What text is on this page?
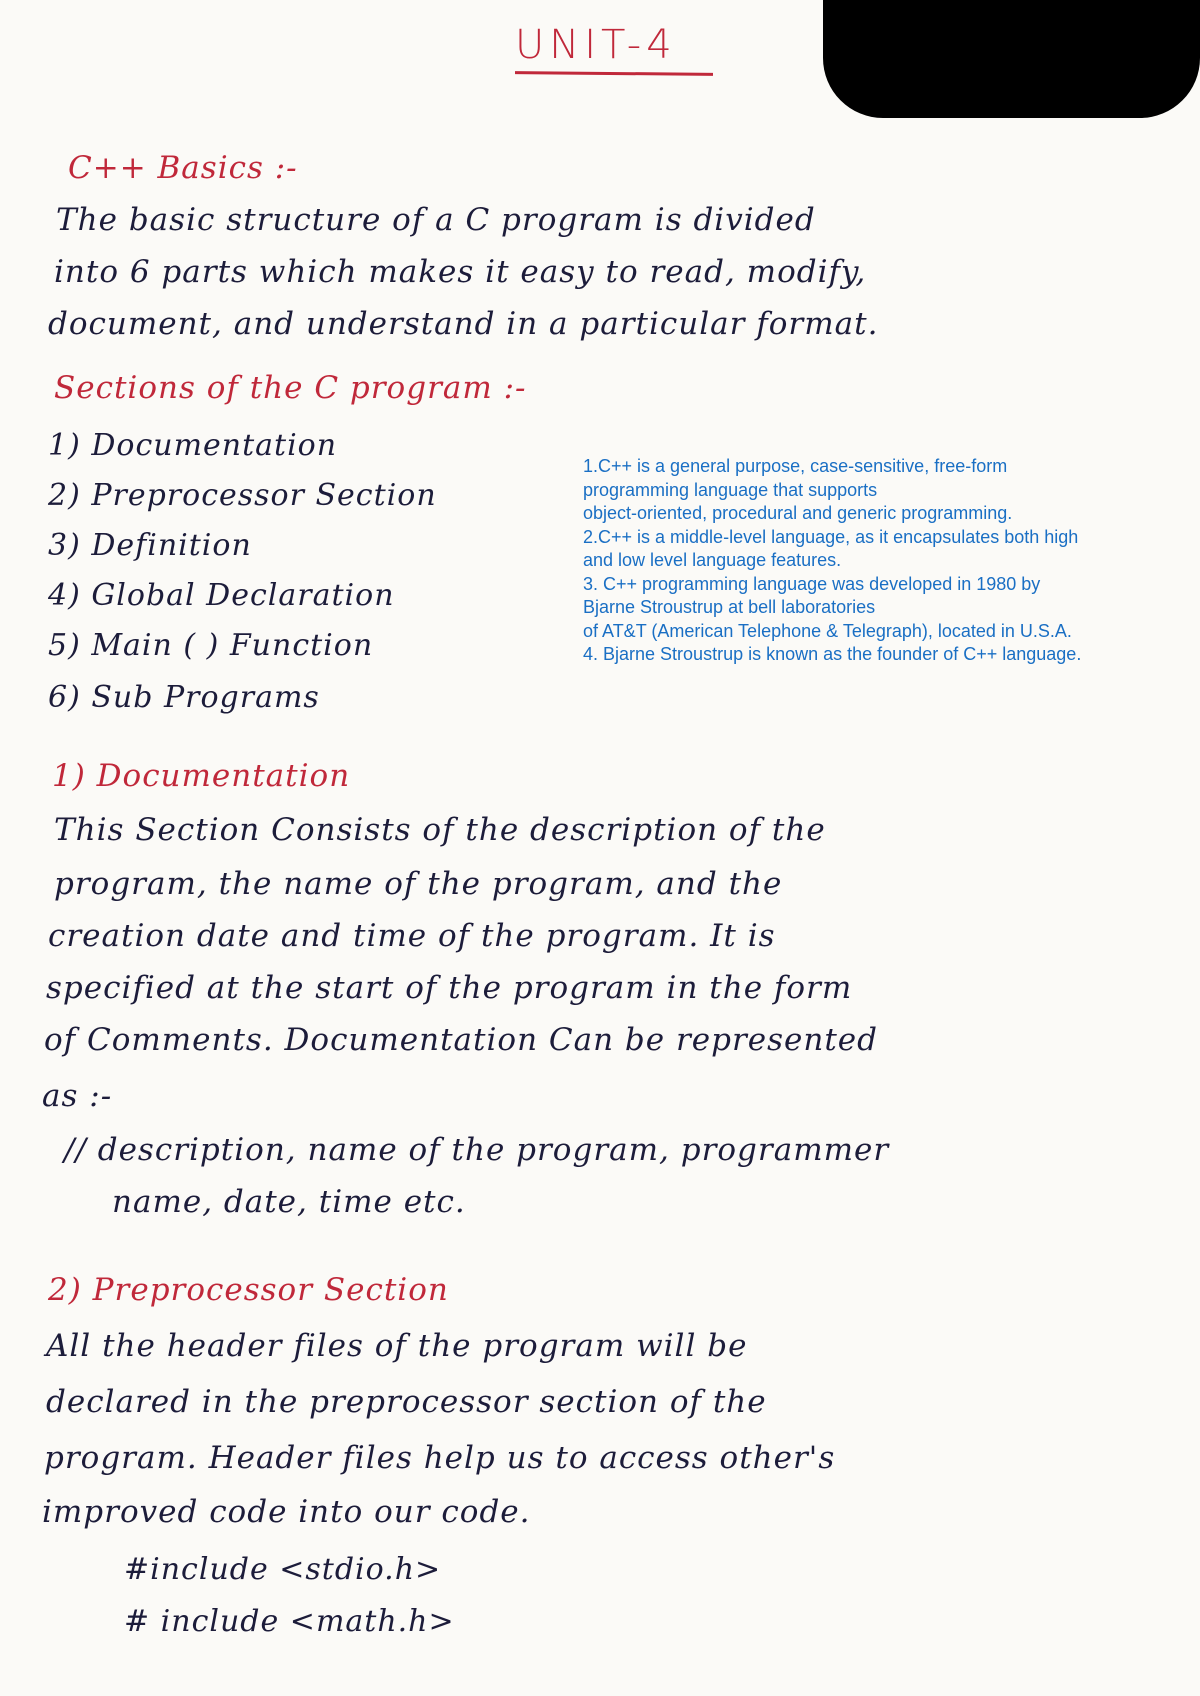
UNIT-4
C++ Basics :-
The basic structure of a C program is divided
into 6 parts which makes it easy to read, modify,
document, and understand in a particular format.
Sections of the C program :-
1) Documentation
2) Preprocessor Section
3) Definition
4) Global Declaration
5) Main ( ) Function
6) Sub Programs
1.C++ is a general purpose, case-sensitive, free-form
programming language that supports
object-oriented, procedural and generic programming.
2.C++ is a middle-level language, as it encapsulates both high
and low level language features.
3. C++ programming language was developed in 1980 by
Bjarne Stroustrup at bell laboratories
of AT&T (American Telephone & Telegraph), located in U.S.A.
4. Bjarne Stroustrup is known as the founder of C++ language.
1) Documentation
This Section Consists of the description of the
program, the name of the program, and the
creation date and time of the program. It is
specified at the start of the program in the form
of Comments. Documentation Can be represented
as :-
// description, name of the program, programmer
name, date, time etc.
2) Preprocessor Section
All the header files of the program will be
declared in the preprocessor section of the
program. Header files help us to access other's
improved code into our code.
#include <stdio.h>
# include <math.h>
